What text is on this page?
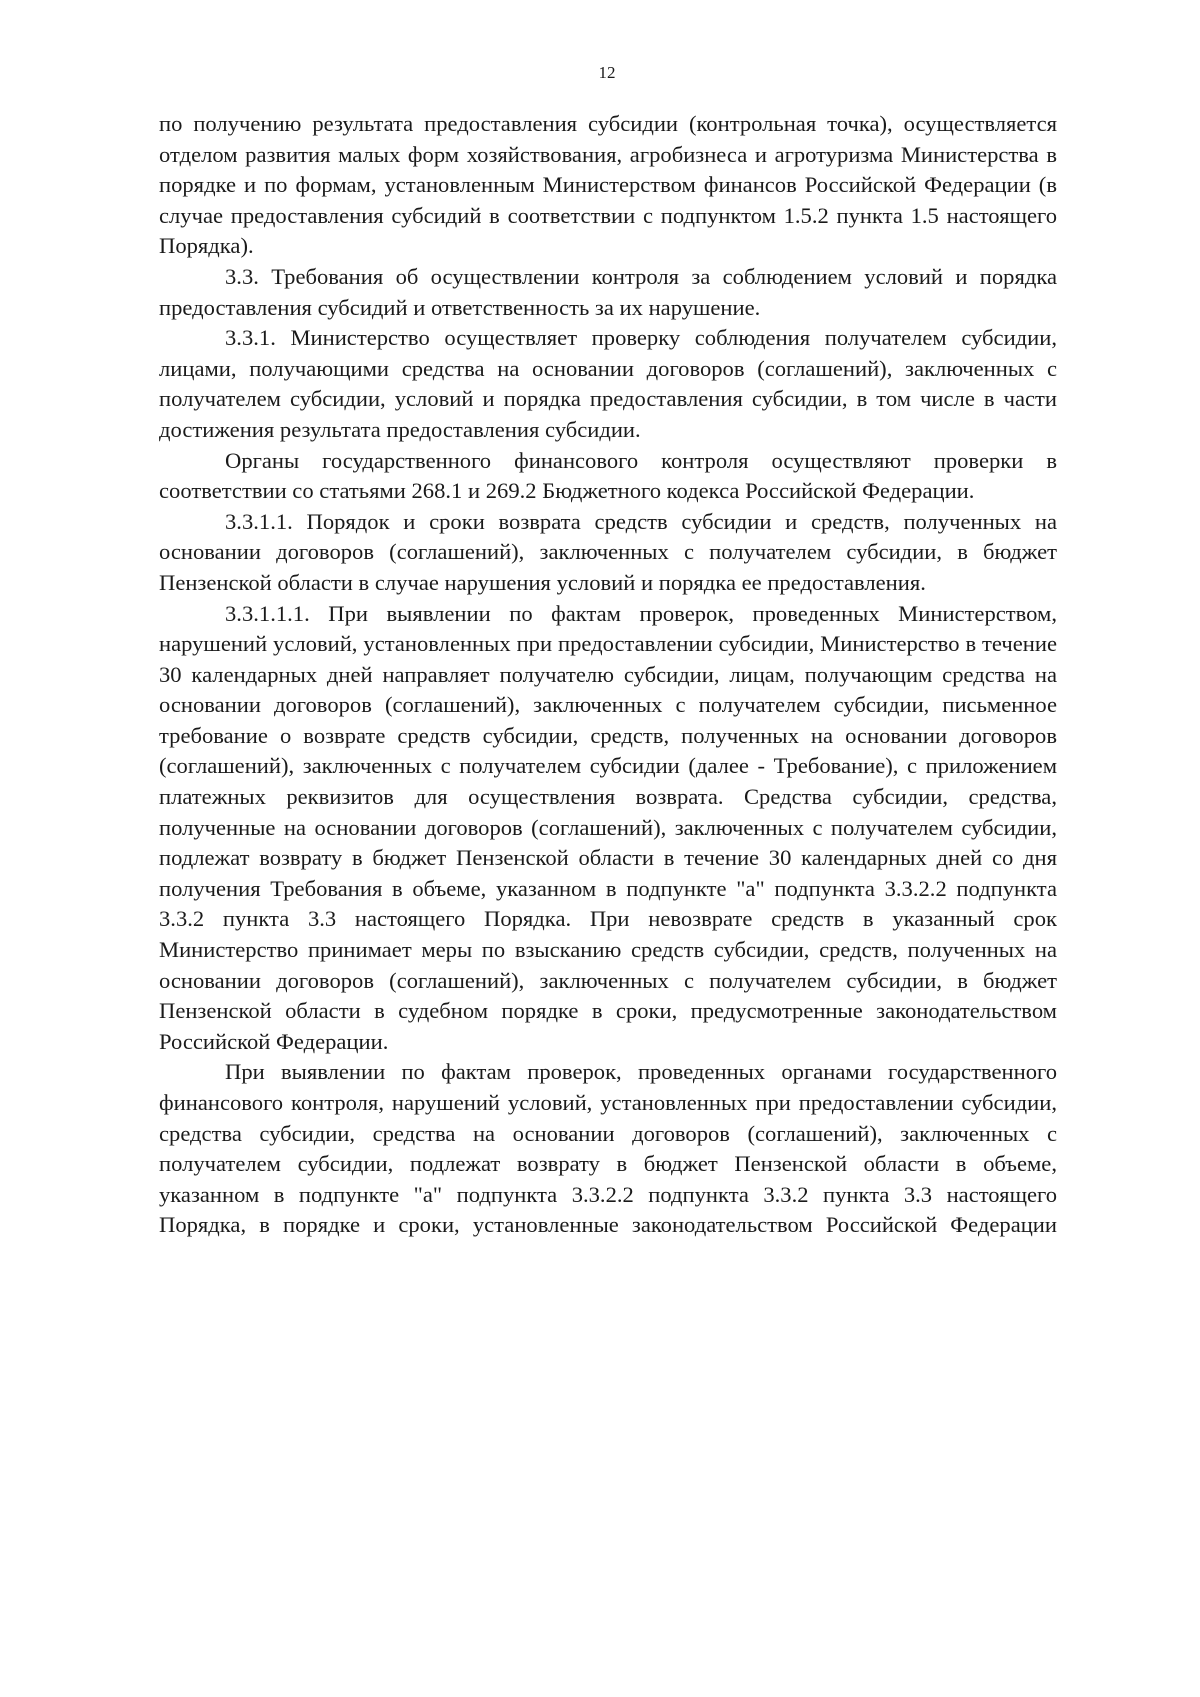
12

по получению результата предоставления субсидии (контрольная точка), осуществляется отделом развития малых форм хозяйствования, агробизнеса и агротуризма Министерства в порядке и по формам, установленным Министерством финансов Российской Федерации (в случае предоставления субсидий в соответствии с подпунктом 1.5.2 пункта 1.5 настоящего Порядка).

3.3. Требования об осуществлении контроля за соблюдением условий и порядка предоставления субсидий и ответственность за их нарушение.

3.3.1. Министерство осуществляет проверку соблюдения получателем субсидии, лицами, получающими средства на основании договоров (соглашений), заключенных с получателем субсидии, условий и порядка предоставления субсидии, в том числе в части достижения результата предоставления субсидии.

Органы государственного финансового контроля осуществляют проверки в соответствии со статьями 268.1 и 269.2 Бюджетного кодекса Российской Федерации.

3.3.1.1. Порядок и сроки возврата средств субсидии и средств, полученных на основании договоров (соглашений), заключенных с получателем субсидии, в бюджет Пензенской области в случае нарушения условий и порядка ее предоставления.

3.3.1.1.1. При выявлении по фактам проверок, проведенных Министерством, нарушений условий, установленных при предоставлении субсидии, Министерство в течение 30 календарных дней направляет получателю субсидии, лицам, получающим средства на основании договоров (соглашений), заключенных с получателем субсидии, письменное требование о возврате средств субсидии, средств, полученных на основании договоров (соглашений), заключенных с получателем субсидии (далее - Требование), с приложением платежных реквизитов для осуществления возврата. Средства субсидии, средства, полученные на основании договоров (соглашений), заключенных с получателем субсидии, подлежат возврату в бюджет Пензенской области в течение 30 календарных дней со дня получения Требования в объеме, указанном в подпункте "а" подпункта 3.3.2.2 подпункта 3.3.2 пункта 3.3 настоящего Порядка. При невозврате средств в указанный срок Министерство принимает меры по взысканию средств субсидии, средств, полученных на основании договоров (соглашений), заключенных с получателем субсидии, в бюджет Пензенской области в судебном порядке в сроки, предусмотренные законодательством Российской Федерации.

При выявлении по фактам проверок, проведенных органами государственного финансового контроля, нарушений условий, установленных при предоставлении субсидии, средства субсидии, средства на основании договоров (соглашений), заключенных с получателем субсидии, подлежат возврату в бюджет Пензенской области в объеме, указанном в подпункте "а" подпункта 3.3.2.2 подпункта 3.3.2 пункта 3.3 настоящего Порядка, в порядке и сроки, установленные законодательством Российской Федерации
